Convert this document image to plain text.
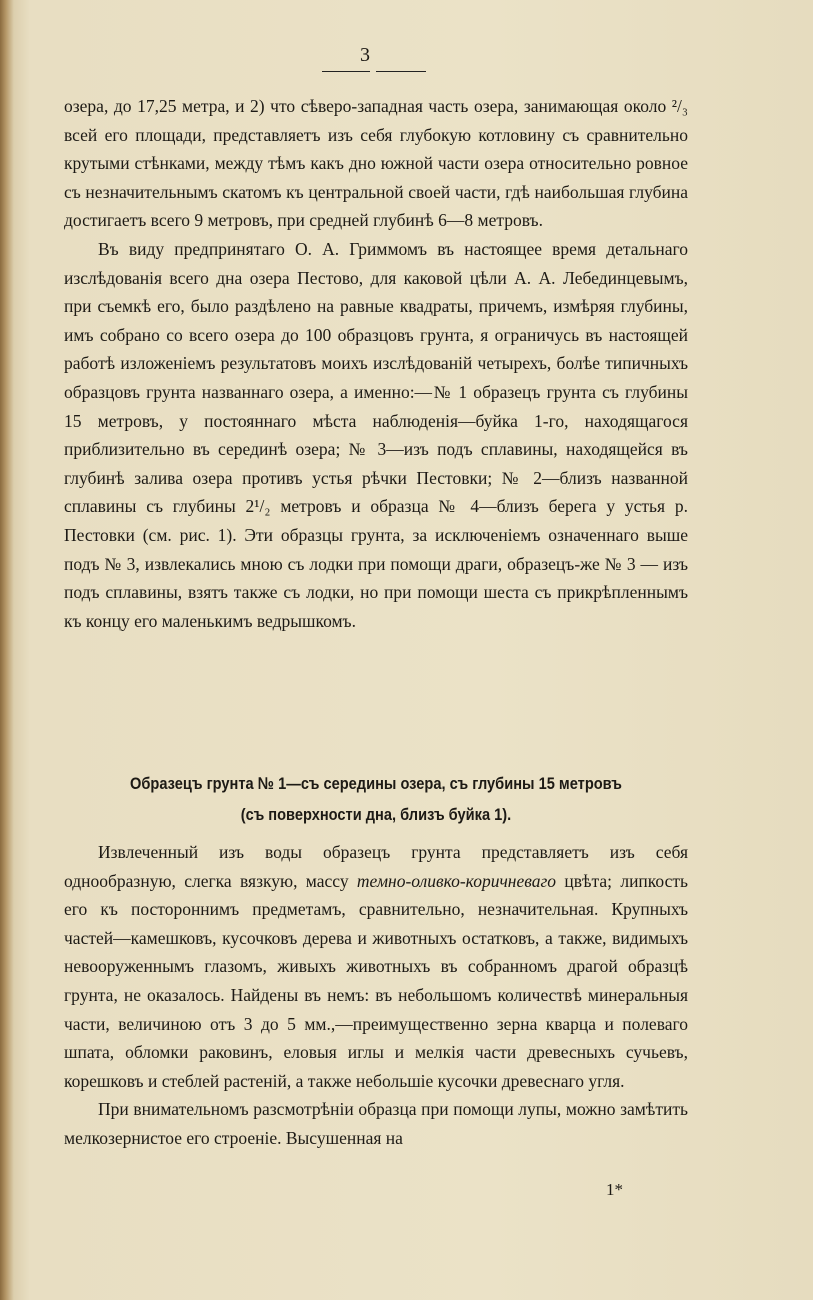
3

озера, до 17,25 метра, и 2) что сѣверо-западная часть озера, занимающая около ²/₃ всей его площади, представляетъ изъ себя глубокую котловину съ сравнительно крутыми стѣнками, между тѣмъ какъ дно южной части озера относительно ровное съ незначительнымъ скатомъ къ центральной своей части, гдѣ наибольшая глубина достигаетъ всего 9 метровъ, при средней глубинѣ 6—8 метровъ.

Въ виду предпринятаго О. А. Гриммомъ въ настоящее время детальнаго изслѣдованія всего дна озера Пестово, для каковой цѣли А. А. Лебединцевымъ, при съемкѣ его, было раздѣлено на равные квадраты, причемъ, измѣряя глубины, имъ собрано со всего озера до 100 образцовъ грунта, я ограничусь въ настоящей работѣ изложеніемъ результатовъ моихъ изслѣдованій четырехъ, болѣе типичныхъ образцовъ грунта названнаго озера, а именно:—№ 1 образецъ грунта съ глубины 15 метровъ, у постояннаго мѣста наблюденія—буйка 1-го, находящагося приблизительно въ серединѣ озера; № 3—изъ подъ сплавины, находящейся въ глубинѣ залива озера противъ устья рѣчки Пестовки; № 2—близъ названной сплавины съ глубины 2¹/₂ метровъ и образца № 4—близъ берега у устья р. Пестовки (см. рис. 1). Эти образцы грунта, за исключеніемъ означеннаго выше подъ № 3, извлекались мною съ лодки при помощи драги, образецъ-же № 3 — изъ подъ сплавины, взятъ также съ лодки, но при помощи шеста съ прикрѣпленнымъ къ концу его маленькимъ ведрышкомъ.

Образецъ грунта № 1—съ середины озера, съ глубины 15 метровъ
(съ поверхности дна, близъ буйка 1).

Извлеченный изъ воды образецъ грунта представляетъ изъ себя однообразную, слегка вязкую, массу темно-оливко-коричневаго цвѣта; липкость его къ постороннимъ предметамъ, сравнительно, незначительная. Крупныхъ частей—камешковъ, кусочковъ дерева и животныхъ остатковъ, а также, видимыхъ невооруженнымъ глазомъ, живыхъ животныхъ въ собранномъ драгой образцѣ грунта, не оказалось. Найдены въ немъ: въ небольшомъ количествѣ минеральныя части, величиною отъ 3 до 5 мм.,—преимущественно зерна кварца и полеваго шпата, обломки раковинъ, еловыя иглы и мелкія части древесныхъ сучьевъ, корешковъ и стеблей растеній, а также небольшіе кусочки древеснаго угля.

При внимательномъ разсмотрѣніи образца при помощи лупы, можно замѣтить мелкозернистое его строеніе. Высушенная на

1*
